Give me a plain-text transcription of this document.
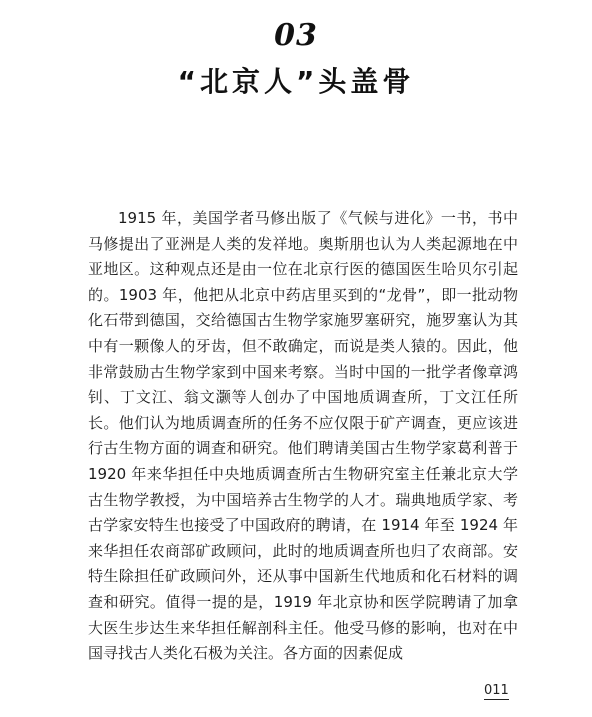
03
“北京人”头盖骨

1915 年，美国学者马修出版了《气候与进化》一书，书中马修提出了亚洲是人类的发祥地。奥斯朋也认为人类起源地在中亚地区。这种观点还是由一位在北京行医的德国医生哈贝尔引起的。1903 年，他把从北京中药店里买到的“龙骨”，即一批动物化石带到德国，交给德国古生物学家施罗塞研究，施罗塞认为其中有一颗像人的牙齿，但不敢确定，而说是类人猿的。因此，他非常鼓励古生物学家到中国来考察。当时中国的一批学者像章鸿钊、丁文江、翁文灏等人创办了中国地质调查所，丁文江任所长。他们认为地质调查所的任务不应仅限于矿产调查，更应该进行古生物方面的调查和研究。他们聘请美国古生物学家葛利普于 1920 年来华担任中央地质调查所古生物研究室主任兼北京大学古生物学教授，为中国培养古生物学的人才。瑞典地质学家、考古学家安特生也接受了中国政府的聘请，在 1914 年至 1924 年来华担任农商部矿政顾问，此时的地质调查所也归了农商部。安特生除担任矿政顾问外，还从事中国新生代地质和化石材料的调查和研究。值得一提的是，1919 年北京协和医学院聘请了加拿大医生步达生来华担任解剖科主任。他受马修的影响，也对在中国寻找古人类化石极为关注。各方面的因素促成

011
